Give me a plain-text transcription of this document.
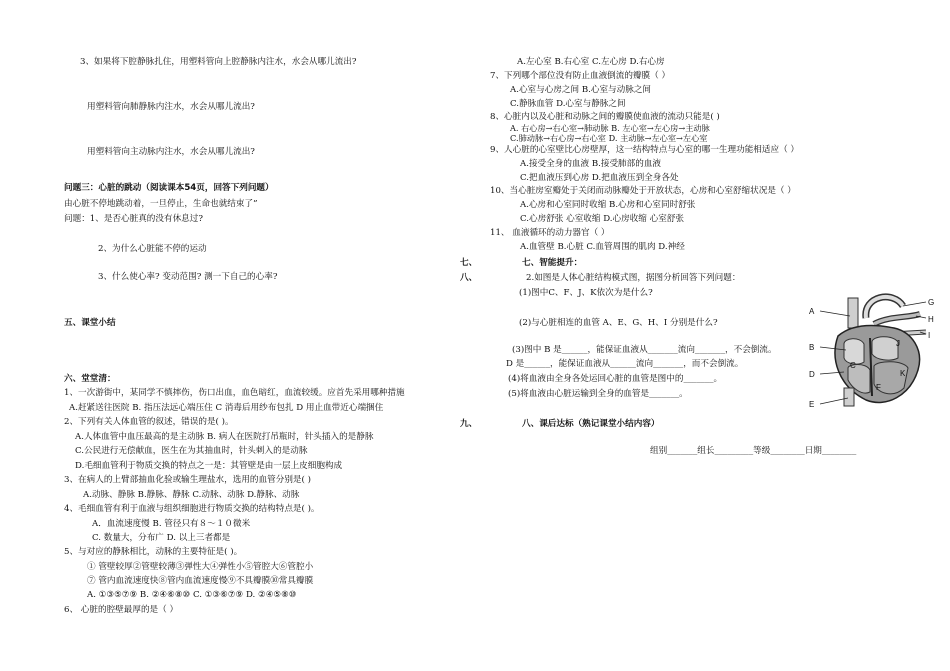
3、如果将下腔静脉扎住，用塑料管向上腔静脉内注水，水会从哪儿流出?
用塑料管向肺静脉内注水，水会从哪儿流出?
用塑料管向主动脉内注水，水会从哪儿流出?
问题三：心脏的跳动（阅读课本54页，回答下列问题）
由心脏不停地跳动着，一旦停止，生命也就结束了”
问题：1、是否心脏真的没有休息过?
2、为什么心脏能不停的运动
3、什么使心率? 变动范围? 测一下自己的心率?
五、课堂小结
六、堂堂清：
1、一次游街中，某同学不慎摔伤，伤口出血，血色暗红，血流较缓。应首先采用哪种措施
A.赶紧送往医院 B. 指压法远心端压住 C 消毒后用纱布包扎 D 用止血带近心端捆住
2、下列有关人体血管的叙述，错误的是( )。
A.人体血管中血压最高的是主动脉 B. 病人在医院打吊瓶时，针头插入的是静脉
C.公民进行无偿献血，医生在为其抽血时，针头刺入的是动脉
D.毛细血管利于物质交换的特点之一是：其管壁是由一层上皮细胞构成
3、在病人的上臂部抽血化验或输生理盐水，选用的血管分别是( )
A.动脉、静脉 B.静脉、静脉 C.动脉、动脉 D.静脉、动脉
4、毛细血管有利于血液与组织细胞进行物质交换的结构特点是( )。
A．血流速度慢 B. 管径只有８～１０微米
C. 数量大，分布广 D. 以上三者都是
5、与对应的静脉相比，动脉的主要特征是( )。
① 管壁较厚②管壁较薄③弹性大④弹性小⑤管腔大⑥管腔小
⑦ 管内血流速度快⑧管内血流速度慢⑨不具瓣膜⑩常具瓣膜
A. ①③⑤⑦⑨ B. ②④⑥⑧⑩ C. ①③⑥⑦⑨ D. ②④⑤⑧⑩
6、 心脏的腔壁最厚的是（ ）
七、
八、
九、
A.左心室 B.右心室 C.左心房 D.右心房
7、下列哪个部位没有防止血液倒流的瓣膜（ ）
A.心室与心房之间 B.心室与动脉之间
C.静脉血管 D.心室与静脉之间
8、心脏内以及心脏和动脉之间的瓣膜使血液的流动只能是( )
A. 右心房→右心室→肺动脉 B. 左心室→左心房→主动脉
C.肺动脉→右心房→右心室 D. 主动脉→左心室→左心室
9、人心脏的心室壁比心房壁厚，这一结构特点与心室的哪一生理功能相适应（ ）
A.接受全身的血液 B.接受肺部的血液
C.把血液压到心房 D.把血液压到全身各处
10、当心脏房室瓣处于关闭而动脉瓣处于开放状态，心房和心室舒缩状况是（ ）
A.心房和心室同时收缩 B.心房和心室同时舒张
C.心房舒张 心室收缩 D.心房收缩 心室舒张
11、 血液循环的动力器官（ ）
A.血管壁 B.心脏 C.血管周围的肌肉 D.神经
七、智能提升：
2.如图是人体心脏结构模式图，据图分析回答下列问题：
(1)图中C、F、J、K依次为是什么?
(2)与心脏相连的血管 A、E、G、H、I 分别是什么?
(3)图中 B 是______，能保证血液从_______流向_______，不会倒流。
D 是______，能保证血液从______流向_______，而不会倒流。
(4)将血液由全身各处运回心脏的血管是图中的_______。
(5)将血液由心脏运输到全身的血管是_______。
八、课后达标（熟记课堂小结内容）
组别_______组长_________等级________日期________
A
B
C
D
E
F
G
H
I
J
K
